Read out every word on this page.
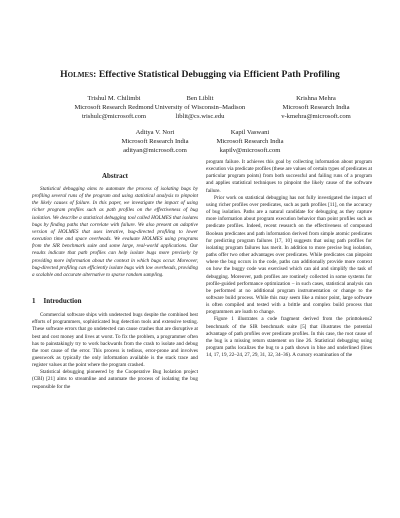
Holmes: Effective Statistical Debugging via Efficient Path Profiling
Trishul M. Chilimbi
Microsoft Research Redmond
trishulc@microsoft.com
Ben Liblit
University of Wisconsin–Madison
liblit@cs.wisc.edu
Krishna Mehra
Microsoft Research India
v-kmehra@microsoft.com
Aditya V. Nori
Microsoft Research India
adityan@microsoft.com
Kapil Vaswani
Microsoft Research India
kapilv@microsoft.com
Abstract

Statistical debugging aims to automate the process of isolating bugs by profiling several runs of the program and using statistical analysis to pinpoint the likely causes of failure. In this paper, we investigate the impact of using richer program profiles such as path profiles on the effectiveness of bug isolation. We describe a statistical debugging tool called HOLMES that isolates bugs by finding paths that correlate with failure. We also present an adaptive version of HOLMES that uses iterative, bug-directed profiling to lower execution time and space overheads. We evaluate HOLMES using programs from the SIR benchmark suite and some large, real-world applications. Our results indicate that path profiles can help isolate bugs more precisely by providing more information about the context in which bugs occur. Moreover, bug-directed profiling can efficiently isolate bugs with low overheads, providing a scalable and accurate alternative to sparse random sampling.

1 Introduction

Commercial software ships with undetected bugs despite the combined best efforts of programmers, sophisticated bug detection tools and extensive testing. These software errors that go undetected can cause crashes that are disruptive at best and cost money and lives at worst. To fix the problem, a programmer often has to painstakingly try to work backwards from the crash to isolate and debug the root cause of the error. This process is tedious, error-prone and involves guesswork as typically the only information available is the stack trace and register values at the point where the program crashed.

Statistical debugging pioneered by the Cooperative Bug Isolation project (CBI) [21] aims to streamline and automate the process of isolating the bug responsible for the

program failure. It achieves this goal by collecting information about program execution via predicate profiles (these are values of certain types of predicates at particular program points) from both successful and failing runs of a program and applies statistical techniques to pinpoint the likely cause of the software failure.

Prior work on statistical debugging has not fully investigated the impact of using richer profiles over predicates, such as path profiles [11], on the accuracy of bug isolation. Paths are a natural candidate for debugging as they capture more information about program execution behavior than point profiles such as predicate profiles. Indeed, recent research on the effectiveness of compound Boolean predicates and path information derived from simple atomic predicates for predicting program failures [17, 10] suggests that using path profiles for isolating program failures has merit. In addition to more precise bug isolation, paths offer two other advantages over predicates. While predicates can pinpoint where the bug occurs in the code, paths can additionally provide more context on how the buggy code was exercised which can aid and simplify the task of debugging. Moreover, path profiles are routinely collected in some systems for profile-guided performance optimization – in such cases, statistical analysis can be performed at no additional program instrumentation or change to the software build process. While this may seem like a minor point, large software is often compiled and tested with a brittle and complex build process that programmers are loath to change.

Figure 1 illustrates a code fragment derived from the printtokens2 benchmark of the SIR benchmark suite [5] that illustrates the potential advantage of path profiles over predicate profiles. In this case, the root cause of the bug is a missing return statement on line 26. Statistical debugging using program paths localizes the bug to a path shown in blue and underlined (lines 14, 17, 19, 22–24, 27, 29, 31, 32, 34–36). A cursory examination of the
